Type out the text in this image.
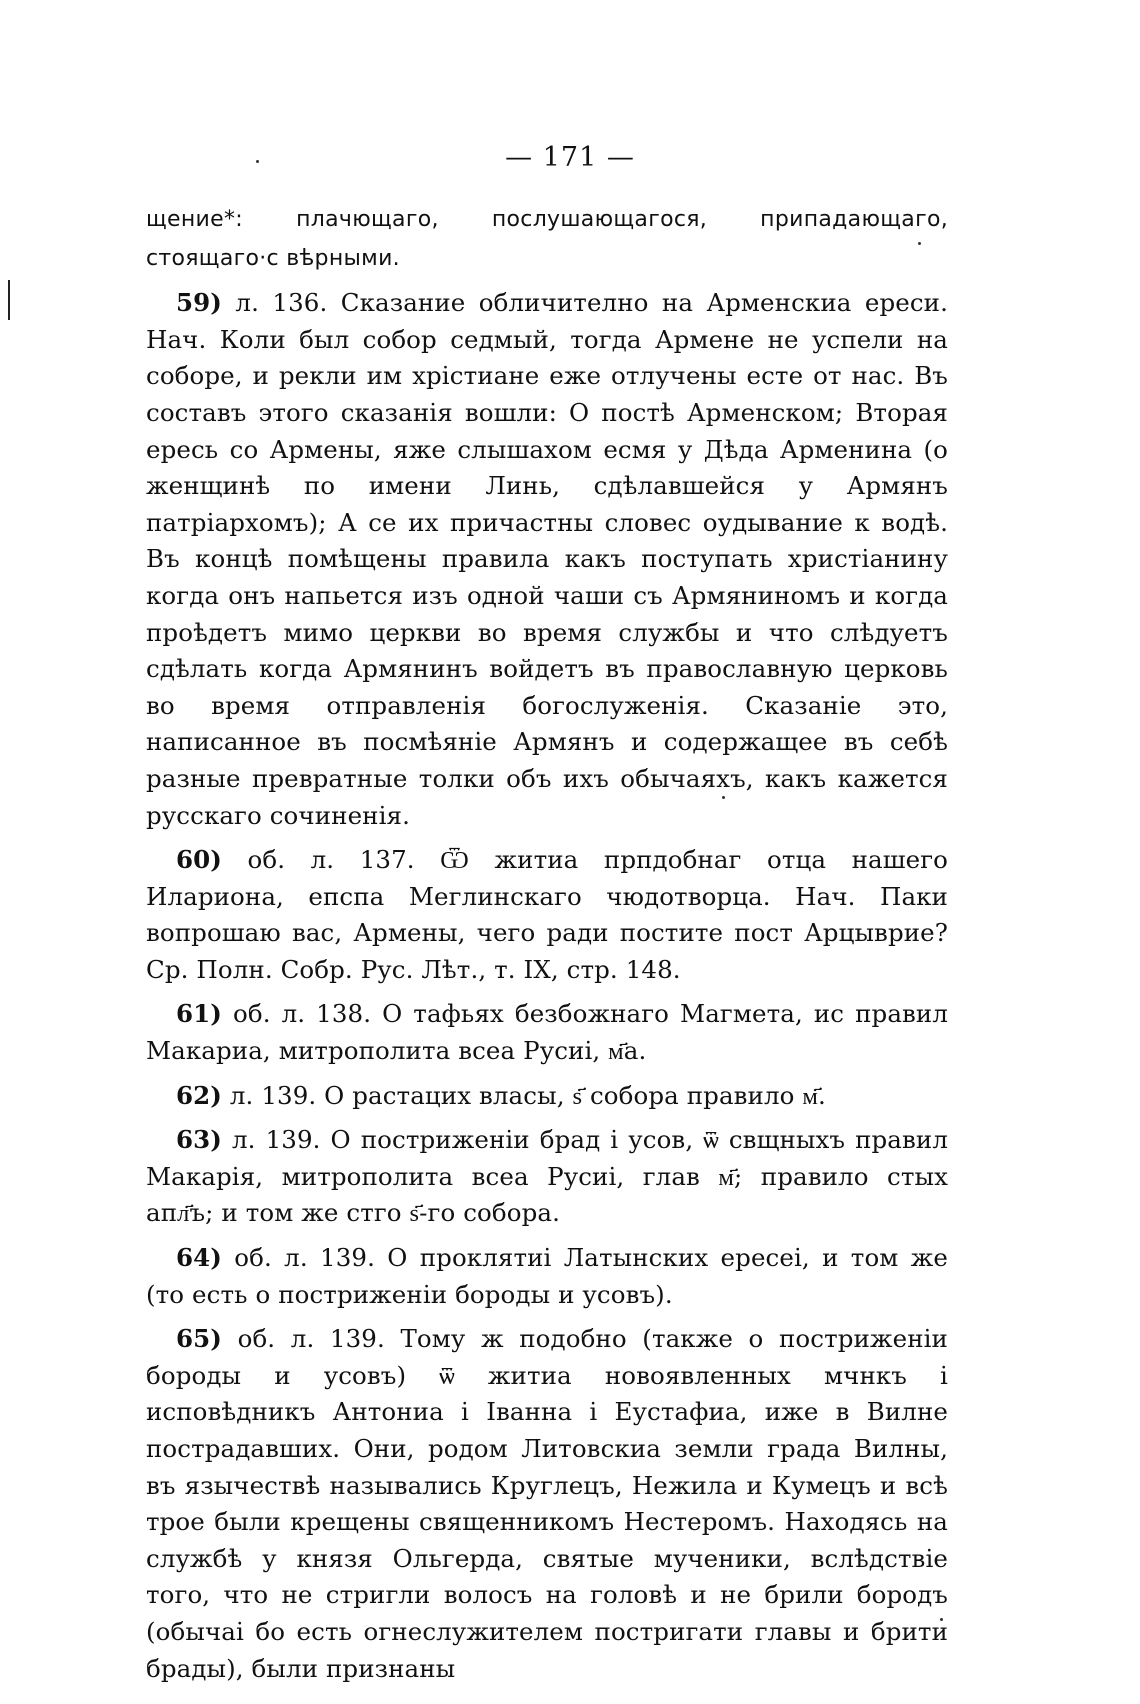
— 171 —

щение*: плачющаго, послушающагося, припадающаго, стоящаго·с вѣрными.

59) л. 136. Сказание обличително на Арменскиа ереси. Нач. Коли был собор седмый, тогда Армене не успели на соборе, и рекли им хрістиане еже отлучены есте от нас. Въ составъ этого сказанія вошли: О постѣ Арменском; Вторая ересь со Армены, яже слышахом есмя у Дѣда Арменина (о женщинѣ по имени Линь, сдѣлавшейся у Армянъ патріархомъ); А се их причастны словес оудывание к водѣ. Въ концѣ помѣщены правила какъ поступать христіанину когда онъ напьется изъ одной чаши съ Армяниномъ и когда проѣдетъ мимо церкви во время службы и что слѣдуетъ сдѣлать когда Армянинъ войдетъ въ православную церковь во время отправленія богослуженія. Сказаніе это, написанное въ посмѣяніе Армянъ и содержащее въ себѣ разные превратные толки объ ихъ обычаяхъ, какъ кажется русскаго сочиненія.

60) об. л. 137. Ѿ житиа прпдобнаг отца нашего Илариона, епспа Меглинскаго чюдотворца. Нач. Паки вопрошаю вас, Армены, чего ради постите пост Арцыврие? Ср. Полн. Собр. Рус. Лѣт., т. IX, стр. 148.

61) об. л. 138. О тафьях безбожнаго Магмета, ис правил Макариа, митрополита всеа Русиі, м҃а.

62) л. 139. О растацих власы, ѕ҃ собора правило м҃.

63) л. 139. О постриженіи брад і усов, ѿ свщныхъ правил Макарія, митрополита всеа Русиі, глав м҃; правило стых апл҃ъ; и том же стго ѕ҃-го собора.

64) об. л. 139. О проклятиі Латынских ересеі, и том же (то есть о постриженіи бороды и усовъ).

65) об. л. 139. Тому ж подобно (также о постриженіи бороды и усовъ) ѿ житиа новоявленных мчнкъ і исповѣдникъ Антониа і Іванна і Еустафиа, иже в Вилне пострадавших. Они, родом Литовскиа земли града Вилны, въ язычествѣ назывались Круглецъ, Нежила и Кумецъ и всѣ трое были крещены священникомъ Нестеромъ. Находясь на службѣ у князя Ольгерда, святые мученики, вслѣдствіе того, что не стригли волосъ на головѣ и не брили бородъ (обычаі бо есть огнеслужителем постригати главы и брити брады), были признаны
